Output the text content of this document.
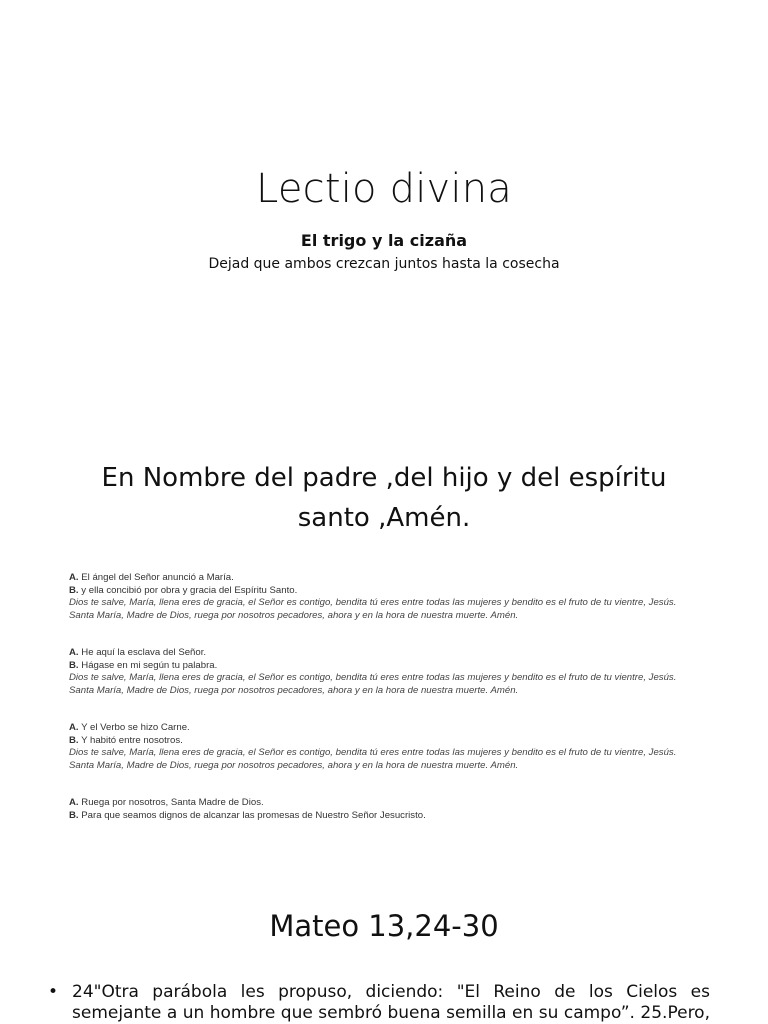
Lectio divina
El trigo y la cizaña
Dejad que ambos crezcan juntos hasta la cosecha
En Nombre del padre ,del hijo y del espíritu
santo ,Amén.
A. El ángel del Señor anunció a María.
B. y ella concibió por obra y gracia del Espíritu Santo.
Dios te salve, María, llena eres de gracia, el Señor es contigo, bendita tú eres entre todas las mujeres y bendito es el fruto de tu vientre, Jesús.
Santa María, Madre de Dios, ruega por nosotros pecadores, ahora y en la hora de nuestra muerte. Amén.
A. He aquí la esclava del Señor.
B. Hágase en mi según tu palabra.
Dios te salve, María, llena eres de gracia, el Señor es contigo, bendita tú eres entre todas las mujeres y bendito es el fruto de tu vientre, Jesús.
Santa María, Madre de Dios, ruega por nosotros pecadores, ahora y en la hora de nuestra muerte. Amén.
A. Y el Verbo se hizo Carne.
B. Y habitó entre nosotros.
Dios te salve, María, llena eres de gracia, el Señor es contigo, bendita tú eres entre todas las mujeres y bendito es el fruto de tu vientre, Jesús.
Santa María, Madre de Dios, ruega por nosotros pecadores, ahora y en la hora de nuestra muerte. Amén.
A. Ruega por nosotros, Santa Madre de Dios.
B. Para que seamos dignos de alcanzar las promesas de Nuestro Señor Jesucristo.
Mateo 13,24-30
• 24"Otra parábola les propuso, diciendo: "El Reino de los Cielos es
semejante a un hombre que sembró buena semilla en su campo”. 25.Pero,
